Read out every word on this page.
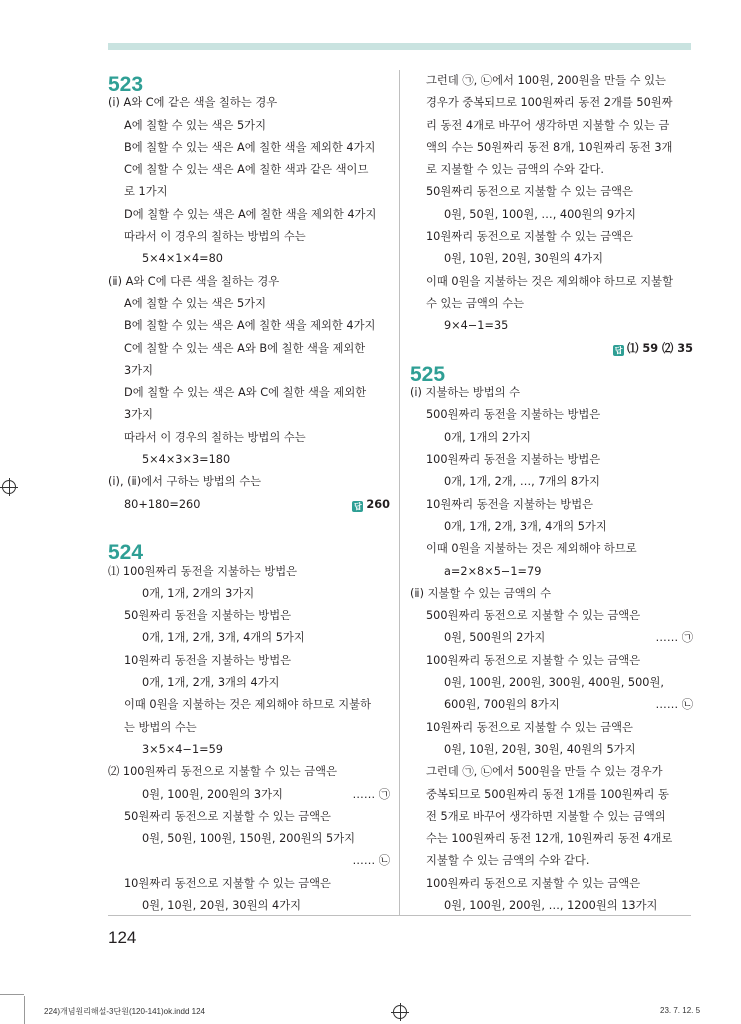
523
(ⅰ) A와 C에 같은 색을 칠하는 경우
A에 칠할 수 있는 색은 5가지
B에 칠할 수 있는 색은 A에 칠한 색을 제외한 4가지
C에 칠할 수 있는 색은 A에 칠한 색과 같은 색이므
로 1가지
D에 칠할 수 있는 색은 A에 칠한 색을 제외한 4가지
따라서 이 경우의 칠하는 방법의 수는
5×4×1×4=80
(ⅱ) A와 C에 다른 색을 칠하는 경우
A에 칠할 수 있는 색은 5가지
B에 칠할 수 있는 색은 A에 칠한 색을 제외한 4가지
C에 칠할 수 있는 색은 A와 B에 칠한 색을 제외한
3가지
D에 칠할 수 있는 색은 A와 C에 칠한 색을 제외한
3가지
따라서 이 경우의 칠하는 방법의 수는
5×4×3×3=180
(ⅰ), (ⅱ)에서 구하는 방법의 수는
80+180=260	답 260
524
⑴ 100원짜리 동전을 지불하는 방법은
0개, 1개, 2개의 3가지
50원짜리 동전을 지불하는 방법은
0개, 1개, 2개, 3개, 4개의 5가지
10원짜리 동전을 지불하는 방법은
0개, 1개, 2개, 3개의 4가지
이때 0원을 지불하는 것은 제외해야 하므로 지불하
는 방법의 수는
3×5×4−1=59
⑵ 100원짜리 동전으로 지불할 수 있는 금액은
…… ㉠
0원, 100원, 200원의 3가지
50원짜리 동전으로 지불할 수 있는 금액은
0원, 50원, 100원, 150원, 200원의 5가지
…… ㉡
10원짜리 동전으로 지불할 수 있는 금액은
0원, 10원, 20원, 30원의 4가지
그런데 ㉠, ㉡에서 100원, 200원을 만들 수 있는
경우가 중복되므로 100원짜리 동전 2개를 50원짜
리 동전 4개로 바꾸어 생각하면 지불할 수 있는 금
액의 수는 50원짜리 동전 8개, 10원짜리 동전 3개
로 지불할 수 있는 금액의 수와 같다.
50원짜리 동전으로 지불할 수 있는 금액은
0원, 50원, 100원, …, 400원의 9가지
10원짜리 동전으로 지불할 수 있는 금액은
0원, 10원, 20원, 30원의 4가지
이때 0원을 지불하는 것은 제외해야 하므로 지불할
수 있는 금액의 수는
9×4−1=35
답 ⑴ 59 ⑵ 35
525
(ⅰ) 지불하는 방법의 수
500원짜리 동전을 지불하는 방법은
0개, 1개의 2가지
100원짜리 동전을 지불하는 방법은
0개, 1개, 2개, …, 7개의 8가지
10원짜리 동전을 지불하는 방법은
0개, 1개, 2개, 3개, 4개의 5가지
이때 0원을 지불하는 것은 제외해야 하므로
a=2×8×5−1=79
(ⅱ) 지불할 수 있는 금액의 수
500원짜리 동전으로 지불할 수 있는 금액은
…… ㉠
0원, 500원의 2가지
100원짜리 동전으로 지불할 수 있는 금액은
0원, 100원, 200원, 300원, 400원, 500원,
…… ㉡
600원, 700원의 8가지
10원짜리 동전으로 지불할 수 있는 금액은
0원, 10원, 20원, 30원, 40원의 5가지
그런데 ㉠, ㉡에서 500원을 만들 수 있는 경우가
중복되므로 500원짜리 동전 1개를 100원짜리 동
전 5개로 바꾸어 생각하면 지불할 수 있는 금액의
수는 100원짜리 동전 12개, 10원짜리 동전 4개로
지불할 수 있는 금액의 수와 같다.
100원짜리 동전으로 지불할 수 있는 금액은
0원, 100원, 200원, …, 1200원의 13가지
124
224)개념원리해설-3단원(120-141)ok.indd 124	23. 7. 12. 5
